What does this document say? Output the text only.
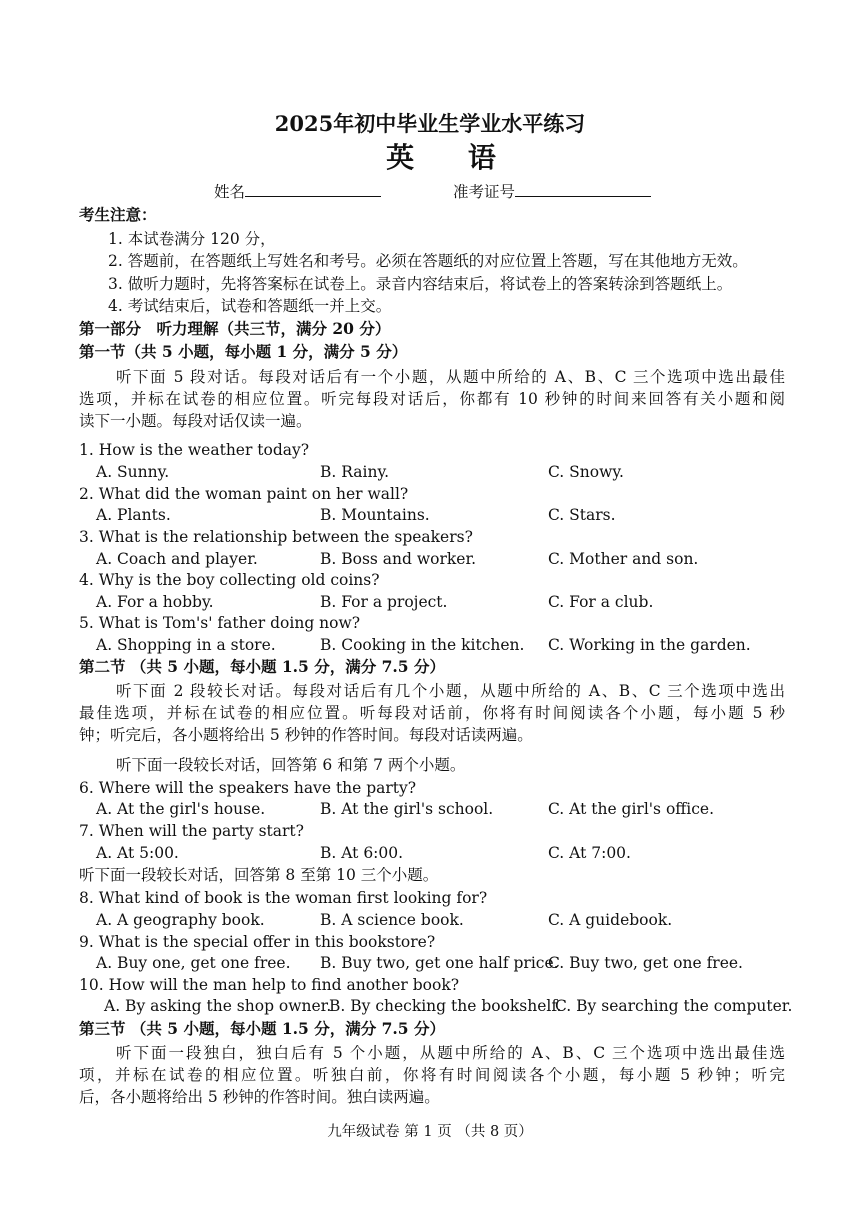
2025年初中毕业生学业水平练习
英 语
姓名	准考证号
考生注意：
1. 本试卷满分 120 分，
2. 答题前，在答题纸上写姓名和考号。必须在答题纸的对应位置上答题，写在其他地方无效。
3. 做听力题时，先将答案标在试卷上。录音内容结束后，将试卷上的答案转涂到答题纸上。
4. 考试结束后，试卷和答题纸一并上交。
第一部分　听力理解（共三节，满分 20 分）
第一节（共 5 小题，每小题 1 分，满分 5 分）
听下面 5 段对话。每段对话后有一个小题，从题中所给的 A、B、C 三个选项中选出最佳
选项，并标在试卷的相应位置。听完每段对话后，你都有 10 秒钟的时间来回答有关小题和阅
读下一小题。每段对话仅读一遍。
1. How is the weather today?
A. Sunny.	B. Rainy.	C. Snowy.
2. What did the woman paint on her wall?
A. Plants.	B. Mountains.	C. Stars.
3. What is the relationship between the speakers?
A. Coach and player.	B. Boss and worker.	C. Mother and son.
4. Why is the boy collecting old coins?
A. For a hobby.	B. For a project.	C. For a club.
5. What is Tom's' father doing now?
A. Shopping in a store.	B. Cooking in the kitchen. C. Working in the garden.
第二节 （共 5 小题，每小题 1.5 分，满分 7.5 分）
听下面 2 段较长对话。每段对话后有几个小题，从题中所给的 A、B、C 三个选项中选出
最佳选项，并标在试卷的相应位置。听每段对话前，你将有时间阅读各个小题，每小题 5 秒
钟；听完后，各小题将给出 5 秒钟的作答时间。每段对话读两遍。
听下面一段较长对话，回答第 6 和第 7 两个小题。
6. Where will the speakers have the party?
A. At the girl's house.	B. At the girl's school.	C. At the girl's office.
7. When will the party start?
A. At 5:00.	B. At 6:00.	C. At 7:00.
听下面一段较长对话，回答第 8 至第 10 三个小题。
8. What kind of book is the woman first looking for?
A. A geography book.	B. A science book.	C. A guidebook.
9. What is the special offer in this bookstore?
A. Buy one, get one free. B. Buy two, get one half price.
C. Buy two, get one free.
10. How will the man help to find another book?
A. By asking the shop owner.
B. By checking the bookshelf.
C. By searching the computer.
第三节 （共 5 小题，每小题 1.5 分，满分 7.5 分）
听下面一段独白，独白后有 5 个小题，从题中所给的 A、B、C 三个选项中选出最佳选
项，并标在试卷的相应位置。听独白前，你将有时间阅读各个小题，每小题 5 秒钟；听完
后，各小题将给出 5 秒钟的作答时间。独白读两遍。
九年级试卷 第 1 页 （共 8 页）
